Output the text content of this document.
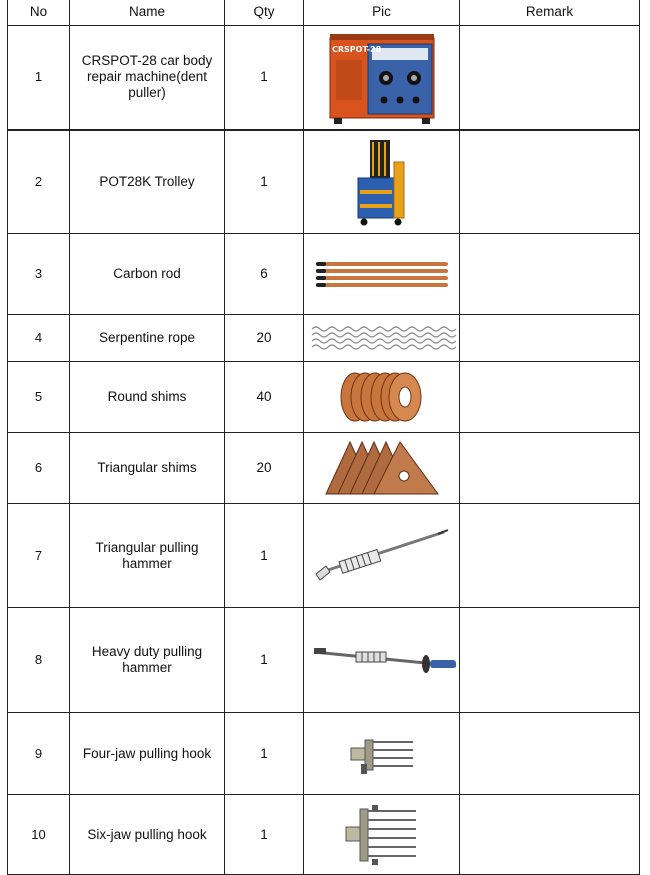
No	Name	Qty	Pic	Remark
1	CRSPOT-28 car body repair machine(dent puller)	1	CRSPOT-28	

2	POT28K Trolley	1	

3	Carbon rod	6	

4	Serpentine rope	20	

5	Round shims	40	

6	Triangular shims	20	

7	Triangular pulling hammer	1	

8	Heavy duty pulling hammer	1	

9	Four-jaw pulling hook	1	

10	Six-jaw pulling hook	1	
